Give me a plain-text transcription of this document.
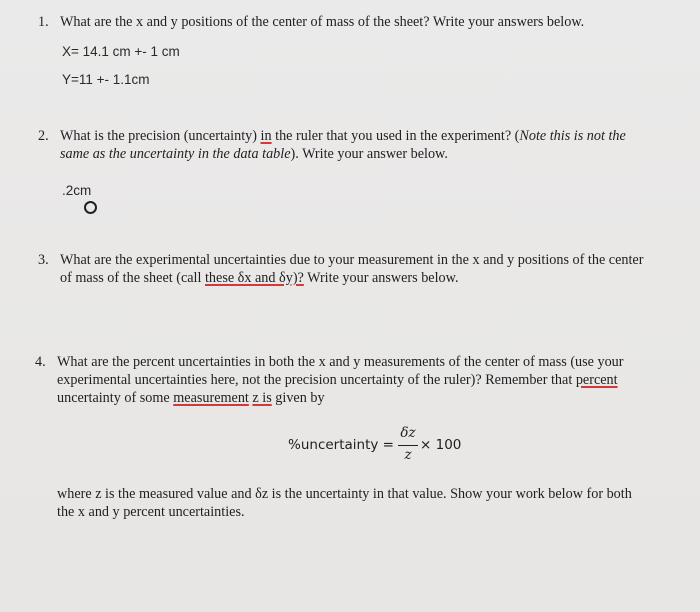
1. What are the x and y positions of the center of mass of the sheet? Write your answers below.
X= 14.1 cm +- 1 cm
Y=11 +- 1.1cm
2. What is the precision (uncertainty) in the ruler that you used in the experiment? (Note this is not the
same as the uncertainty in the data table). Write your answer below.
.2cm
3. What are the experimental uncertainties due to your measurement in the x and y positions of the center
of mass of the sheet (call these δx and δy)? Write your answers below.
4. What are the percent uncertainties in both the x and y measurements of the center of mass (use your
experimental uncertainties here, not the precision uncertainty of the ruler)? Remember that percent
uncertainty of some measurement z is given by
%uncertainty =
δz
z
× 100
where z is the measured value and δz is the uncertainty in that value. Show your work below for both
the x and y percent uncertainties.
